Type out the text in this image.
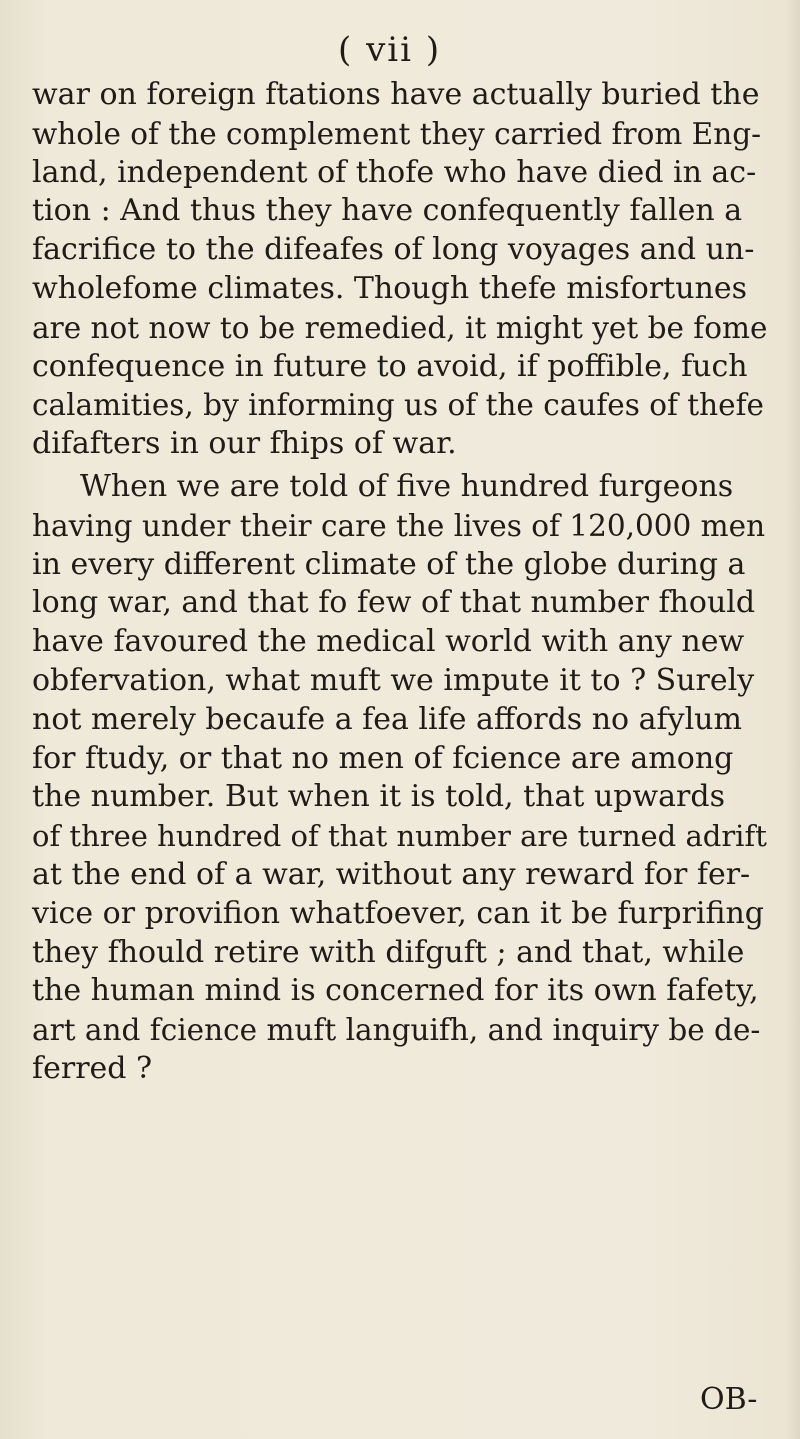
( vii )

war on foreign ftations have actually buried the
whole of the complement they carried from Eng-
land, independent of thofe who have died in ac-
tion : And thus they have confequently fallen a
facrifice to the difeafes of long voyages and un-
wholefome climates. Though thefe misfortunes
are not now to be remedied, it might yet be fome
confequence in future to avoid, if poffible, fuch
calamities, by informing us of the caufes of thefe
difafters in our fhips of war.

When we are told of five hundred furgeons
having under their care the lives of 120,000 men
in every different climate of the globe during a
long war, and that fo few of that number fhould
have favoured the medical world with any new
obfervation, what muft we impute it to ? Surely
not merely becaufe a fea life affords no afylum
for ftudy, or that no men of fcience are among
the number. But when it is told, that upwards
of three hundred of that number are turned adrift
at the end of a war, without any reward for fer-
vice or provifion whatfoever, can it be furprifing
they fhould retire with difguft ; and that, while
the human mind is concerned for its own fafety,
art and fcience muft languifh, and inquiry be de-
ferred ?

OB-
